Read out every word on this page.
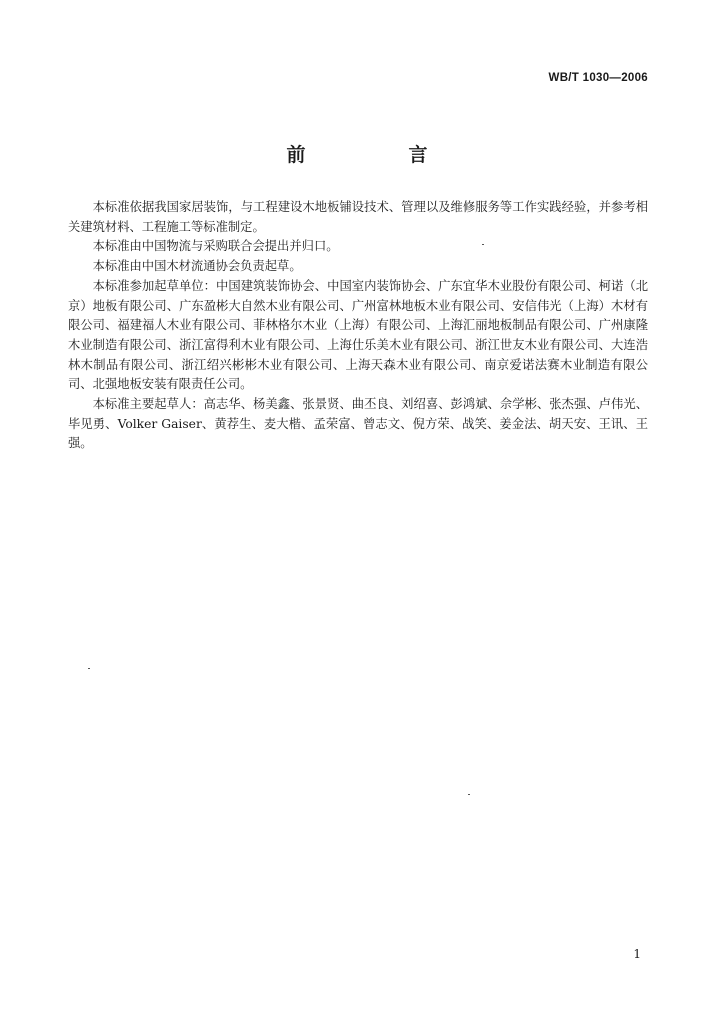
WB/T 1030—2006
前　言

本标准依据我国家居装饰，与工程建设木地板铺设技术、管理以及维修服务等工作实践经验，并参考相关建筑材料、工程施工等标准制定。

本标准由中国物流与采购联合会提出并归口。

本标准由中国木材流通协会负责起草。

本标准参加起草单位：中国建筑装饰协会、中国室内装饰协会、广东宜华木业股份有限公司、柯诺（北京）地板有限公司、广东盈彬大自然木业有限公司、广州富林地板木业有限公司、安信伟光（上海）木材有限公司、福建福人木业有限公司、菲林格尔木业（上海）有限公司、上海汇丽地板制品有限公司、广州康隆木业制造有限公司、浙江富得利木业有限公司、上海仕乐美木业有限公司、浙江世友木业有限公司、大连浩林木制品有限公司、浙江绍兴彬彬木业有限公司、上海天森木业有限公司、南京爱诺法赛木业制造有限公司、北强地板安装有限责任公司。

本标准主要起草人：高志华、杨美鑫、张景贤、曲丕良、刘绍喜、彭鸿斌、佘学彬、张杰强、卢伟光、毕见勇、Volker Gaiser、黄荐生、麦大楷、孟荣富、曾志文、倪方荣、战笑、姜金法、胡天安、王讯、王强。

1
